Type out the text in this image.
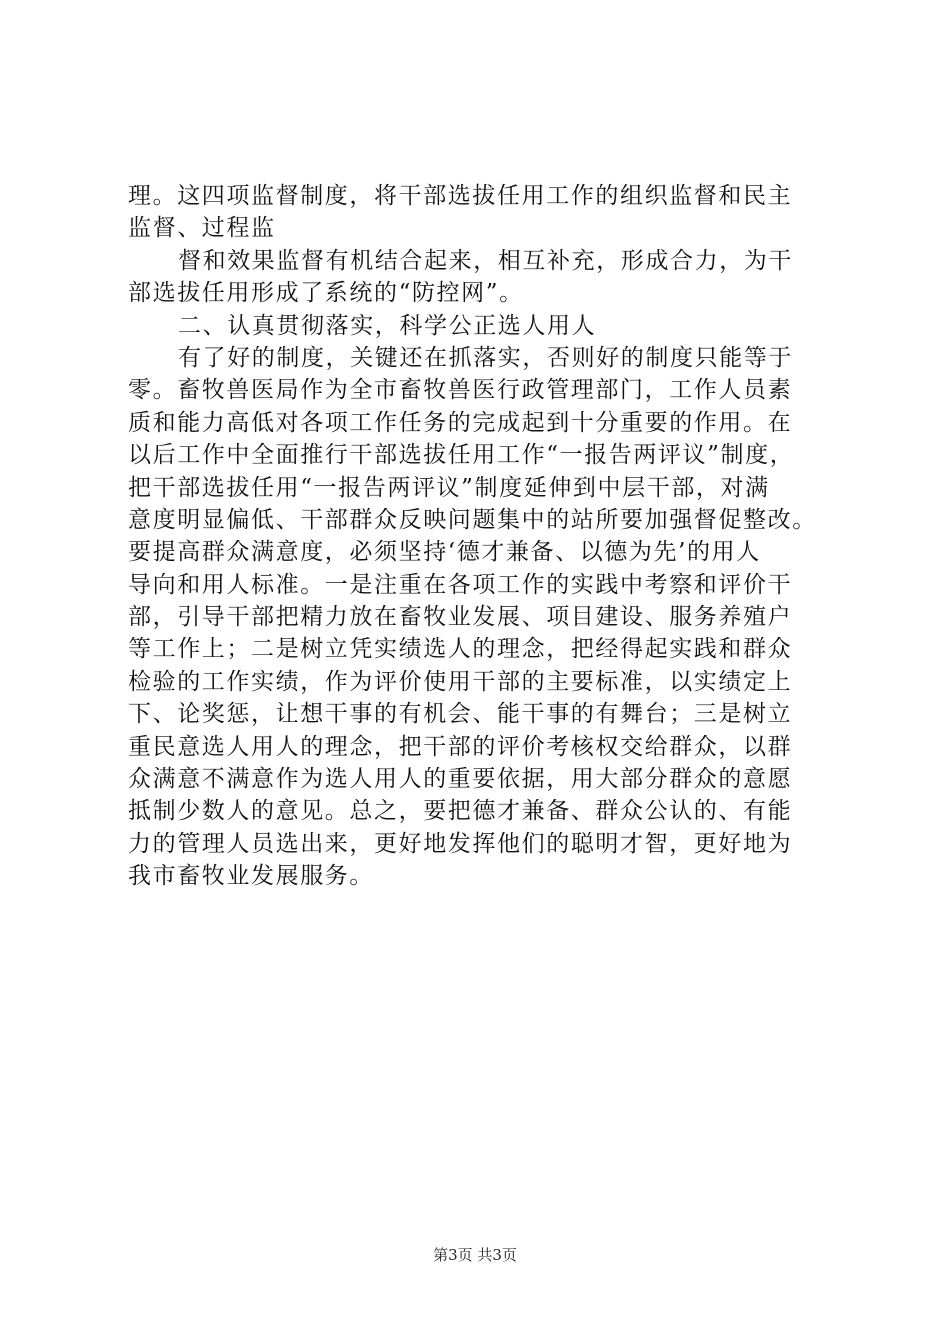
理。这四项监督制度，将干部选拔任用工作的组织监督和民主
监督、过程监
督和效果监督有机结合起来，相互补充，形成合力，为干
部选拔任用形成了系统的“防控网”。
二、认真贯彻落实，科学公正选人用人
有了好的制度，关键还在抓落实，否则好的制度只能等于
零。畜牧兽医局作为全市畜牧兽医行政管理部门，工作人员素
质和能力高低对各项工作任务的完成起到十分重要的作用。在
以后工作中全面推行干部选拔任用工作“一报告两评议”制度，
把干部选拔任用“一报告两评议”制度延伸到中层干部，对满
意度明显偏低、干部群众反映问题集中的站所要加强督促整改。
要提高群众满意度，必须坚持‘德才兼备、以德为先’的用人
导向和用人标准。一是注重在各项工作的实践中考察和评价干
部，引导干部把精力放在畜牧业发展、项目建设、服务养殖户
等工作上；二是树立凭实绩选人的理念，把经得起实践和群众
检验的工作实绩，作为评价使用干部的主要标准，以实绩定上
下、论奖惩，让想干事的有机会、能干事的有舞台；三是树立
重民意选人用人的理念，把干部的评价考核权交给群众，以群
众满意不满意作为选人用人的重要依据，用大部分群众的意愿
抵制少数人的意见。总之，要把德才兼备、群众公认的、有能
力的管理人员选出来，更好地发挥他们的聪明才智，更好地为
我市畜牧业发展服务。
第3页 共3页
